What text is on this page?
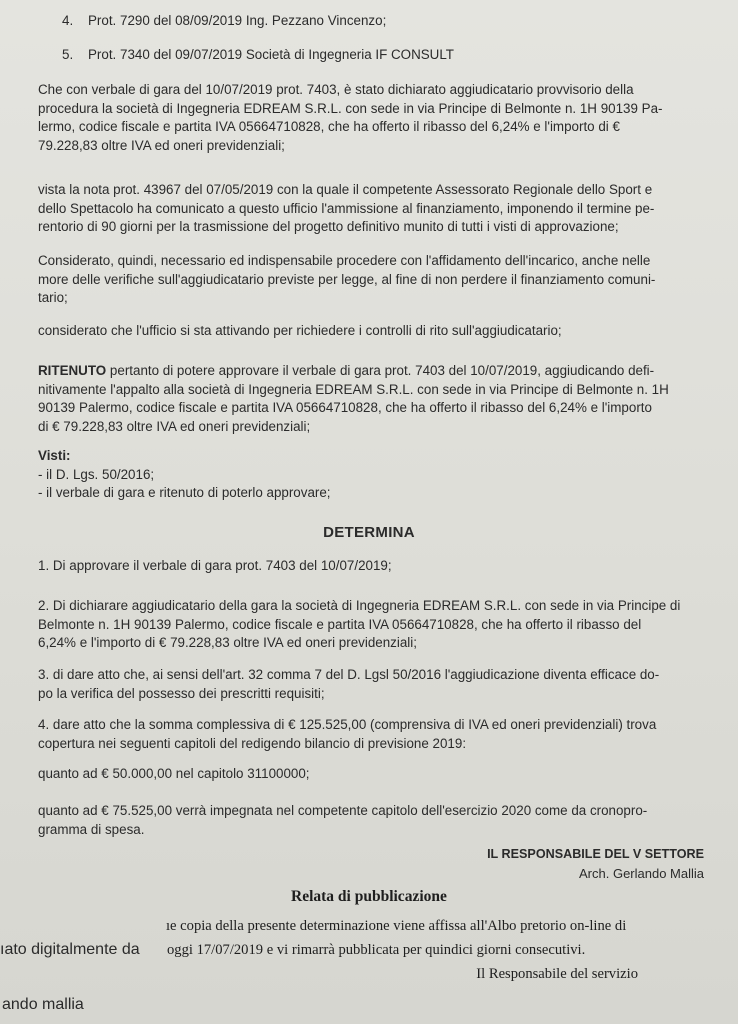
4. Prot. 7290 del 08/09/2019 Ing. Pezzano Vincenzo;
5. Prot. 7340 del 09/07/2019 Società di Ingegneria IF CONSULT
Che con verbale di gara del 10/07/2019 prot. 7403, è stato dichiarato aggiudicatario provvisorio della
procedura la società di Ingegneria EDREAM S.R.L. con sede in via Principe di Belmonte n. 1H 90139 Pa-
lermo, codice fiscale e partita IVA 05664710828, che ha offerto il ribasso del 6,24% e l'importo di €
79.228,83 oltre IVA ed oneri previdenziali;
vista la nota prot. 43967 del 07/05/2019 con la quale il competente Assessorato Regionale dello Sport e
dello Spettacolo ha comunicato a questo ufficio l'ammissione al finanziamento, imponendo il termine pe-
rentorio di 90 giorni per la trasmissione del progetto definitivo munito di tutti i visti di approvazione;
Considerato, quindi, necessario ed indispensabile procedere con l'affidamento dell'incarico, anche nelle
more delle verifiche sull'aggiudicatario previste per legge, al fine di non perdere il finanziamento comuni-
tario;
considerato che l'ufficio si sta attivando per richiedere i controlli di rito sull'aggiudicatario;
RITENUTO pertanto di potere approvare il verbale di gara prot. 7403 del 10/07/2019, aggiudicando defi-
nitivamente l'appalto alla società di Ingegneria EDREAM S.R.L. con sede in via Principe di Belmonte n. 1H
90139 Palermo, codice fiscale e partita IVA 05664710828, che ha offerto il ribasso del 6,24% e l'importo
di € 79.228,83 oltre IVA ed oneri previdenziali;
Visti:
- il D. Lgs. 50/2016;
- il verbale di gara e ritenuto di poterlo approvare;
DETERMINA
1. Di approvare il verbale di gara prot. 7403 del 10/07/2019;
2. Di dichiarare aggiudicatario della gara la società di Ingegneria EDREAM S.R.L. con sede in via Principe di
Belmonte n. 1H 90139 Palermo, codice fiscale e partita IVA 05664710828, che ha offerto il ribasso del
6,24% e l'importo di € 79.228,83 oltre IVA ed oneri previdenziali;
3. di dare atto che, ai sensi dell'art. 32 comma 7 del D. Lgsl 50/2016 l'aggiudicazione diventa efficace do-
po la verifica del possesso dei prescritti requisiti;
4. dare atto che la somma complessiva di € 125.525,00 (comprensiva di IVA ed oneri previdenziali) trova
copertura nei seguenti capitoli del redigendo bilancio di previsione 2019:
quanto ad € 50.000,00 nel capitolo 31100000;
quanto ad € 75.525,00 verrà impegnata nel competente capitolo dell'esercizio 2020 come da cronopro-
gramma di spesa.
IL RESPONSABILE DEL V SETTORE
Arch. Gerlando Mallia
Relata di pubblicazione
ıe copia della presente determinazione viene affissa all'Albo pretorio on-line di
ıato digitalmente da oggi 17/07/2019 e vi rimarrà pubblicata per quindici giorni consecutivi.
Il Responsabile del servizio
ando mallia
